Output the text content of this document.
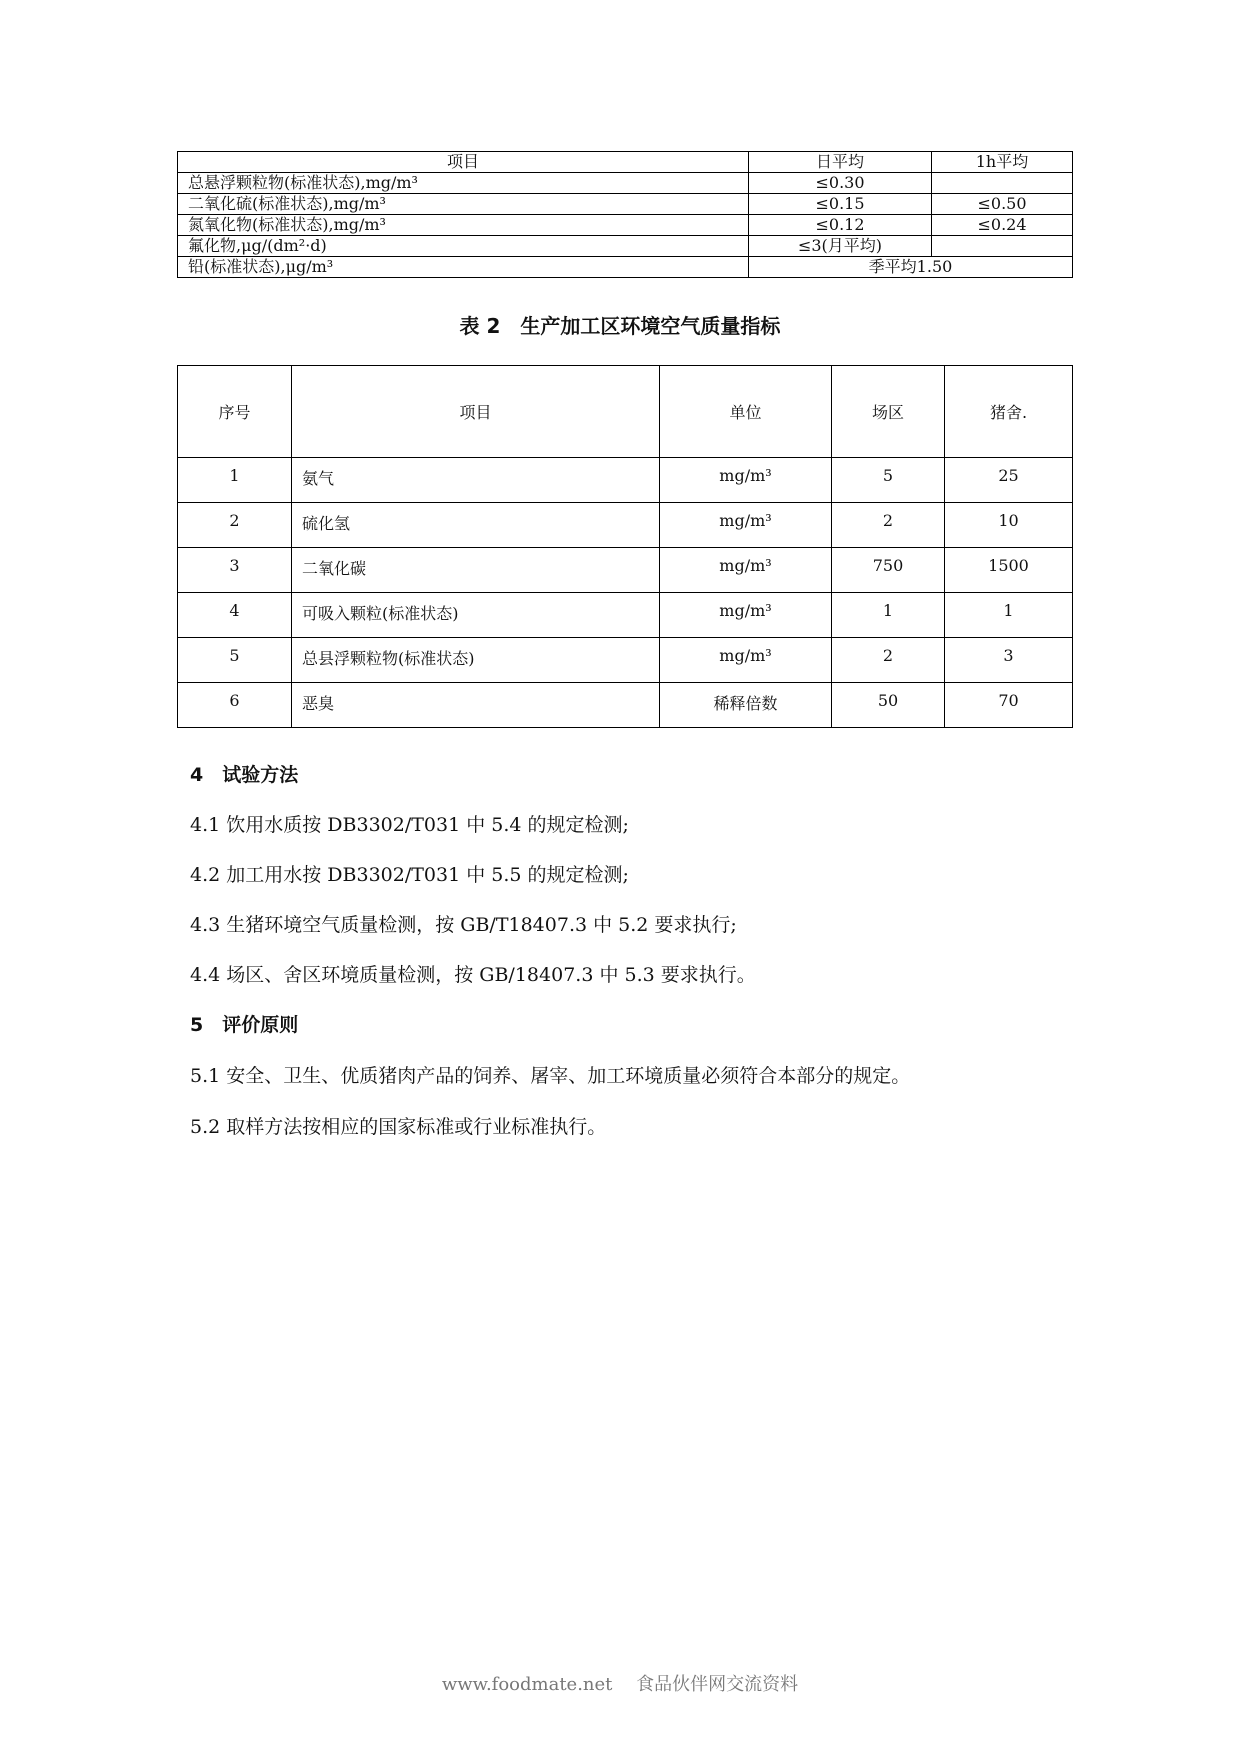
项目	日平均	1h平均
总悬浮颗粒物(标准状态),mg/m³	≤0.30	
二氧化硫(标准状态),mg/m³	≤0.15	≤0.50
氮氧化物(标准状态),mg/m³	≤0.12	≤0.24
氟化物,μg/(dm²·d)	≤3(月平均)	
铅(标准状态),μg/m³	季平均1.50	
表 2　生产加工区环境空气质量指标
序号	项目	单位	场区	猪舍.
1	氨气	mg/m³	5	25
2	硫化氢	mg/m³	2	10
3	二氧化碳	mg/m³	750	1500
4	可吸入颗粒(标准状态)	mg/m³	1	1
5	总县浮颗粒物(标准状态)	mg/m³	2	3
6	恶臭	稀释倍数	50	70
4　试验方法
4.1 饮用水质按 DB3302/T031 中 5.4 的规定检测;
4.2 加工用水按 DB3302/T031 中 5.5 的规定检测;
4.3 生猪环境空气质量检测，按 GB/T18407.3 中 5.2 要求执行;
4.4 场区、舍区环境质量检测，按 GB/18407.3 中 5.3 要求执行。
5　评价原则
5.1 安全、卫生、优质猪肉产品的饲养、屠宰、加工环境质量必须符合本部分的规定。
5.2 取样方法按相应的国家标准或行业标准执行。
www.foodmate.net　 食品伙伴网交流资料
